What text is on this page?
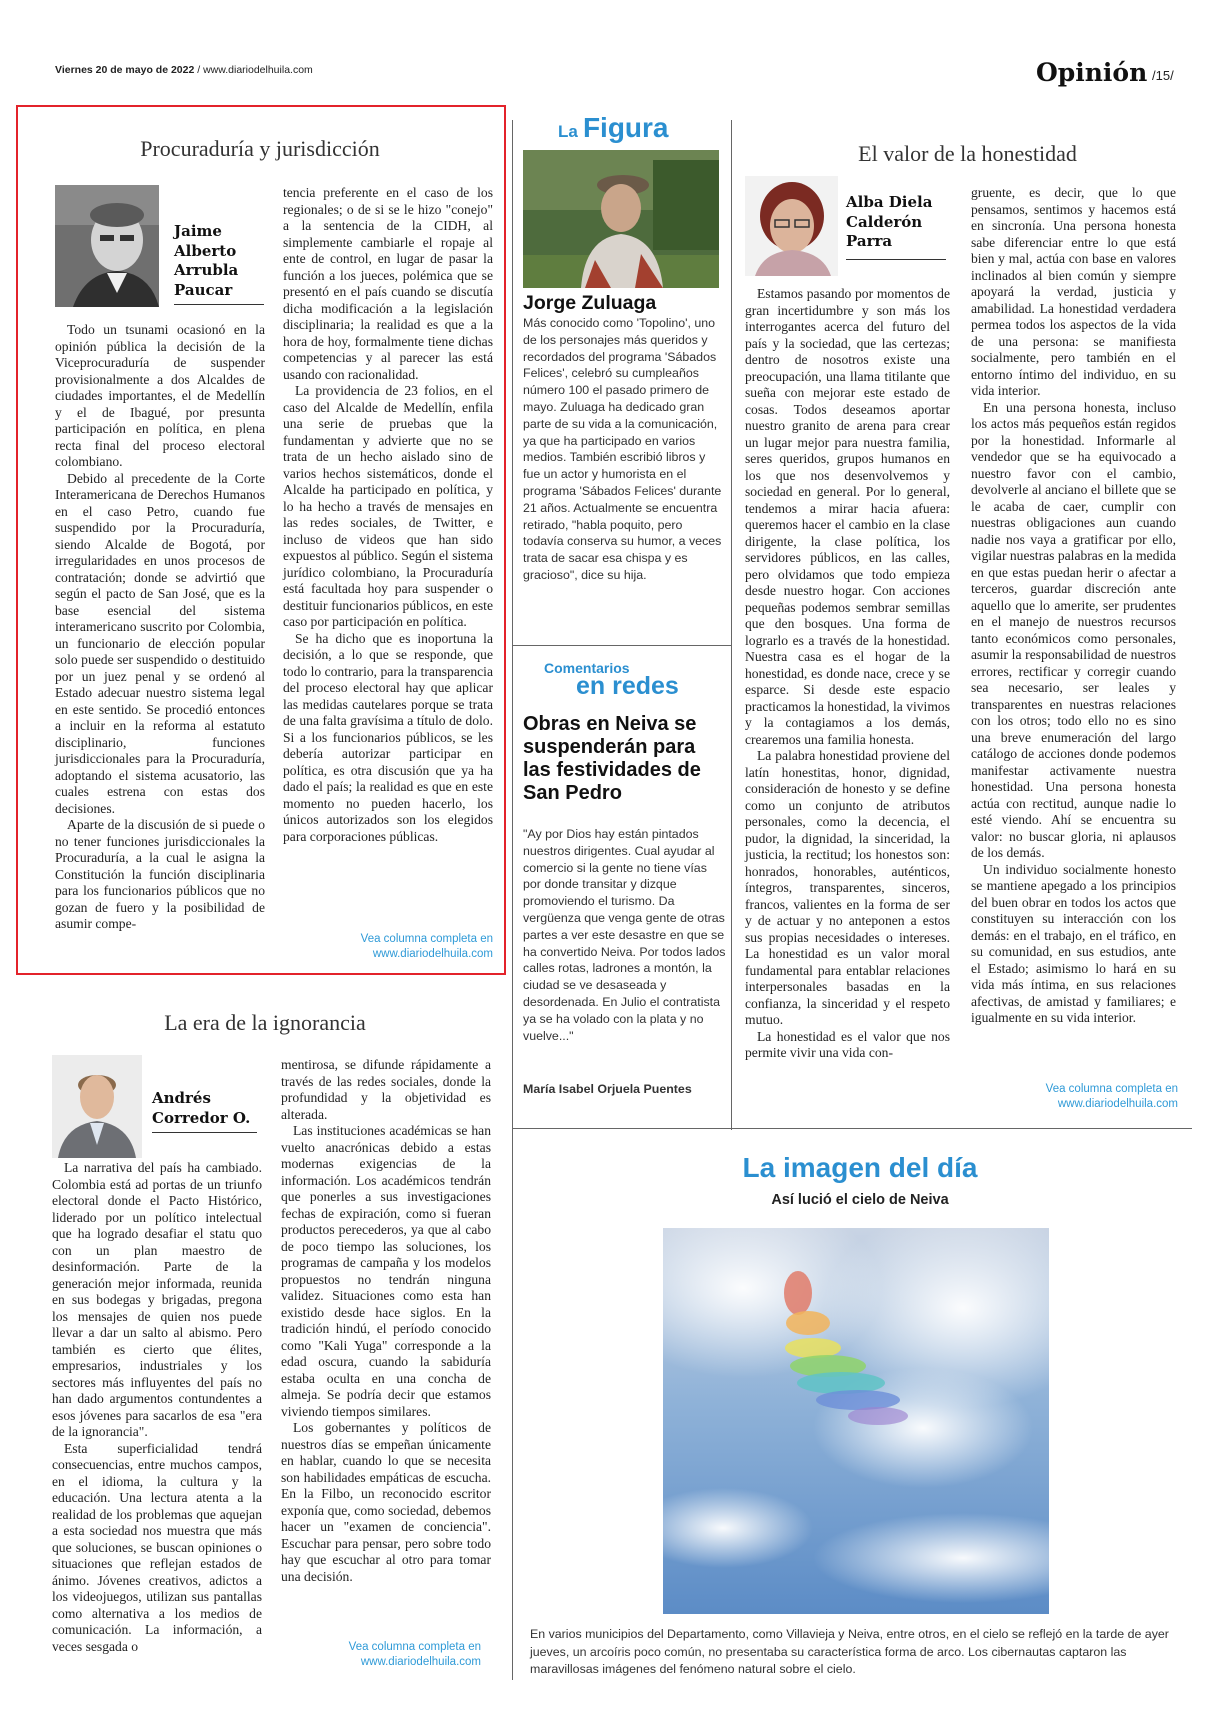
Viernes 20 de mayo de 2022 / www.diariodelhuila.com	Opinión /15/
Procuraduría y jurisdicción
Jaime
Alberto
Arrubla
Paucar

Todo un tsunami ocasionó en la opinión pública la decisión de la Viceprocuraduría de suspender provisionalmente a dos Alcaldes de ciudades importantes, el de Medellín y el de Ibagué, por presunta participación en política, en plena recta final del proceso electoral colombiano.

Debido al precedente de la Corte Interamericana de Derechos Humanos en el caso Petro, cuando fue suspendido por la Procuraduría, siendo Alcalde de Bogotá, por irregularidades en unos procesos de contratación; donde se advirtió que según el pacto de San José, que es la base esencial del sistema interamericano suscrito por Colombia, un funcionario de elección popular solo puede ser suspendido o destituido por un juez penal y se ordenó al Estado adecuar nuestro sistema legal en este sentido. Se procedió entonces a incluir en la reforma al estatuto disciplinario, funciones jurisdiccionales para la Procuraduría, adoptando el sistema acusatorio, las cuales estrena con estas dos decisiones.

Aparte de la discusión de si puede o no tener funciones jurisdiccionales la Procuraduría, a la cual le asigna la Constitución la función disciplinaria para los funcionarios públicos que no gozan de fuero y la posibilidad de asumir compe-

tencia preferente en el caso de los regionales; o de si se le hizo "conejo" a la sentencia de la CIDH, al simplemente cambiarle el ropaje al ente de control, en lugar de pasar la función a los jueces, polémica que se presentó en el país cuando se discutía dicha modificación a la legislación disciplinaria; la realidad es que a la hora de hoy, formalmente tiene dichas competencias y al parecer las está usando con racionalidad.

La providencia de 23 folios, en el caso del Alcalde de Medellín, enfila una serie de pruebas que la fundamentan y advierte que no se trata de un hecho aislado sino de varios hechos sistemáticos, donde el Alcalde ha participado en política, y lo ha hecho a través de mensajes en las redes sociales, de Twitter, e incluso de videos que han sido expuestos al público. Según el sistema jurídico colombiano, la Procuraduría está facultada hoy para suspender o destituir funcionarios públicos, en este caso por participación en política.

Se ha dicho que es inoportuna la decisión, a lo que se responde, que todo lo contrario, para la transparencia del proceso electoral hay que aplicar las medidas cautelares porque se trata de una falta gravísima a título de dolo. Si a los funcionarios públicos, se les debería autorizar participar en política, es otra discusión que ya ha dado el país; la realidad es que en este momento no pueden hacerlo, los únicos autorizados son los elegidos para corporaciones públicas.

Vea columna completa en
www.diariodelhuila.com
La Figura
Jorge Zuluaga

Más conocido como 'Topolino', uno de los personajes más queridos y recordados del programa 'Sábados Felices', celebró su cumpleaños número 100 el pasado primero de mayo. Zuluaga ha dedicado gran parte de su vida a la comunicación, ya que ha participado en varios medios. También escribió libros y fue un actor y humorista en el programa 'Sábados Felices' durante 21 años. Actualmente se encuentra retirado, "habla poquito, pero todavía conserva su humor, a veces trata de sacar esa chispa y es gracioso", dice su hija.

Comentarios
en redes
Obras en Neiva se suspenderán para las festividades de San Pedro

"Ay por Dios hay están pintados nuestros dirigentes. Cual ayudar al comercio si la gente no tiene vías por donde transitar y dizque promoviendo el turismo. Da vergüenza que venga gente de otras partes a ver este desastre en que se ha convertido Neiva. Por todos lados calles rotas, ladrones a montón, la ciudad se ve desaseada y desordenada. En Julio el contratista ya se ha volado con la plata y no vuelve..."

María Isabel Orjuela Puentes
El valor de la honestidad
Alba Diela
Calderón
Parra

Estamos pasando por momentos de gran incertidumbre y son más los interrogantes acerca del futuro del país y la sociedad, que las certezas; dentro de nosotros existe una preocupación, una llama titilante que sueña con mejorar este estado de cosas. Todos deseamos aportar nuestro granito de arena para crear un lugar mejor para nuestra familia, seres queridos, grupos humanos en los que nos desenvolvemos y sociedad en general. Por lo general, tendemos a mirar hacia afuera: queremos hacer el cambio en la clase dirigente, la clase política, los servidores públicos, en las calles, pero olvidamos que todo empieza desde nuestro hogar. Con acciones pequeñas podemos sembrar semillas que den bosques. Una forma de lograrlo es a través de la honestidad. Nuestra casa es el hogar de la honestidad, es donde nace, crece y se esparce. Si desde este espacio practicamos la honestidad, la vivimos y la contagiamos a los demás, crearemos una familia honesta.

La palabra honestidad proviene del latín honestitas, honor, dignidad, consideración de honesto y se define como un conjunto de atributos personales, como la decencia, el pudor, la dignidad, la sinceridad, la justicia, la rectitud; los honestos son: honrados, honorables, auténticos, íntegros, transparentes, sinceros, francos, valientes en la forma de ser y de actuar y no anteponen a estos sus propias necesidades o intereses. La honestidad es un valor moral fundamental para entablar relaciones interpersonales basadas en la confianza, la sinceridad y el respeto mutuo.

La honestidad es el valor que nos permite vivir una vida con-

gruente, es decir, que lo que pensamos, sentimos y hacemos está en sincronía. Una persona honesta sabe diferenciar entre lo que está bien y mal, actúa con base en valores inclinados al bien común y siempre apoyará la verdad, justicia y amabilidad. La honestidad verdadera permea todos los aspectos de la vida de una persona: se manifiesta socialmente, pero también en el entorno íntimo del individuo, en su vida interior.

En una persona honesta, incluso los actos más pequeños están regidos por la honestidad. Informarle al vendedor que se ha equivocado a nuestro favor con el cambio, devolverle al anciano el billete que se le acaba de caer, cumplir con nuestras obligaciones aun cuando nadie nos vaya a gratificar por ello, vigilar nuestras palabras en la medida en que estas puedan herir o afectar a terceros, guardar discreción ante aquello que lo amerite, ser prudentes en el manejo de nuestros recursos tanto económicos como personales, asumir la responsabilidad de nuestros errores, rectificar y corregir cuando sea necesario, ser leales y transparentes en nuestras relaciones con los otros; todo ello no es sino una breve enumeración del largo catálogo de acciones donde podemos manifestar activamente nuestra honestidad. Una persona honesta actúa con rectitud, aunque nadie lo esté viendo. Ahí se encuentra su valor: no buscar gloria, ni aplausos de los demás.

Un individuo socialmente honesto se mantiene apegado a los principios del buen obrar en todos los actos que constituyen su interacción con los demás: en el trabajo, en el tráfico, en su comunidad, en sus estudios, ante el Estado; asimismo lo hará en su vida más íntima, en sus relaciones afectivas, de amistad y familiares; e igualmente en su vida interior.

Vea columna completa en
www.diariodelhuila.com
La era de la ignorancia
Andrés
Corredor O.

La narrativa del país ha cambiado. Colombia está ad portas de un triunfo electoral donde el Pacto Histórico, liderado por un político intelectual que ha logrado desafiar el statu quo con un plan maestro de desinformación. Parte de la generación mejor informada, reunida en sus bodegas y brigadas, pregona los mensajes de quien nos puede llevar a dar un salto al abismo. Pero también es cierto que élites, empresarios, industriales y los sectores más influyentes del país no han dado argumentos contundentes a esos jóvenes para sacarlos de esa "era de la ignorancia".

Esta superficialidad tendrá consecuencias, entre muchos campos, en el idioma, la cultura y la educación. Una lectura atenta a la realidad de los problemas que aquejan a esta sociedad nos muestra que más que soluciones, se buscan opiniones o situaciones que reflejan estados de ánimo. Jóvenes creativos, adictos a los videojuegos, utilizan sus pantallas como alternativa a los medios de comunicación. La información, a veces sesgada o

mentirosa, se difunde rápidamente a través de las redes sociales, donde la profundidad y la objetividad es alterada.

Las instituciones académicas se han vuelto anacrónicas debido a estas modernas exigencias de la información. Los académicos tendrán que ponerles a sus investigaciones fechas de expiración, como si fueran productos perecederos, ya que al cabo de poco tiempo las soluciones, los programas de campaña y los modelos propuestos no tendrán ninguna validez. Situaciones como esta han existido desde hace siglos. En la tradición hindú, el período conocido como "Kali Yuga" corresponde a la edad oscura, cuando la sabiduría estaba oculta en una concha de almeja. Se podría decir que estamos viviendo tiempos similares.

Los gobernantes y políticos de nuestros días se empeñan únicamente en hablar, cuando lo que se necesita son habilidades empáticas de escucha. En la Filbo, un reconocido escritor exponía que, como sociedad, debemos hacer un "examen de conciencia". Escuchar para pensar, pero sobre todo hay que escuchar al otro para tomar una decisión.

Vea columna completa en
www.diariodelhuila.com
La imagen del día
Así lució el cielo de Neiva
En varios municipios del Departamento, como Villavieja y Neiva, entre otros, en el cielo se reflejó en la tarde de ayer jueves, un arcoíris poco común, no presentaba su característica forma de arco. Los cibernautas captaron las maravillosas imágenes del fenómeno natural sobre el cielo.
